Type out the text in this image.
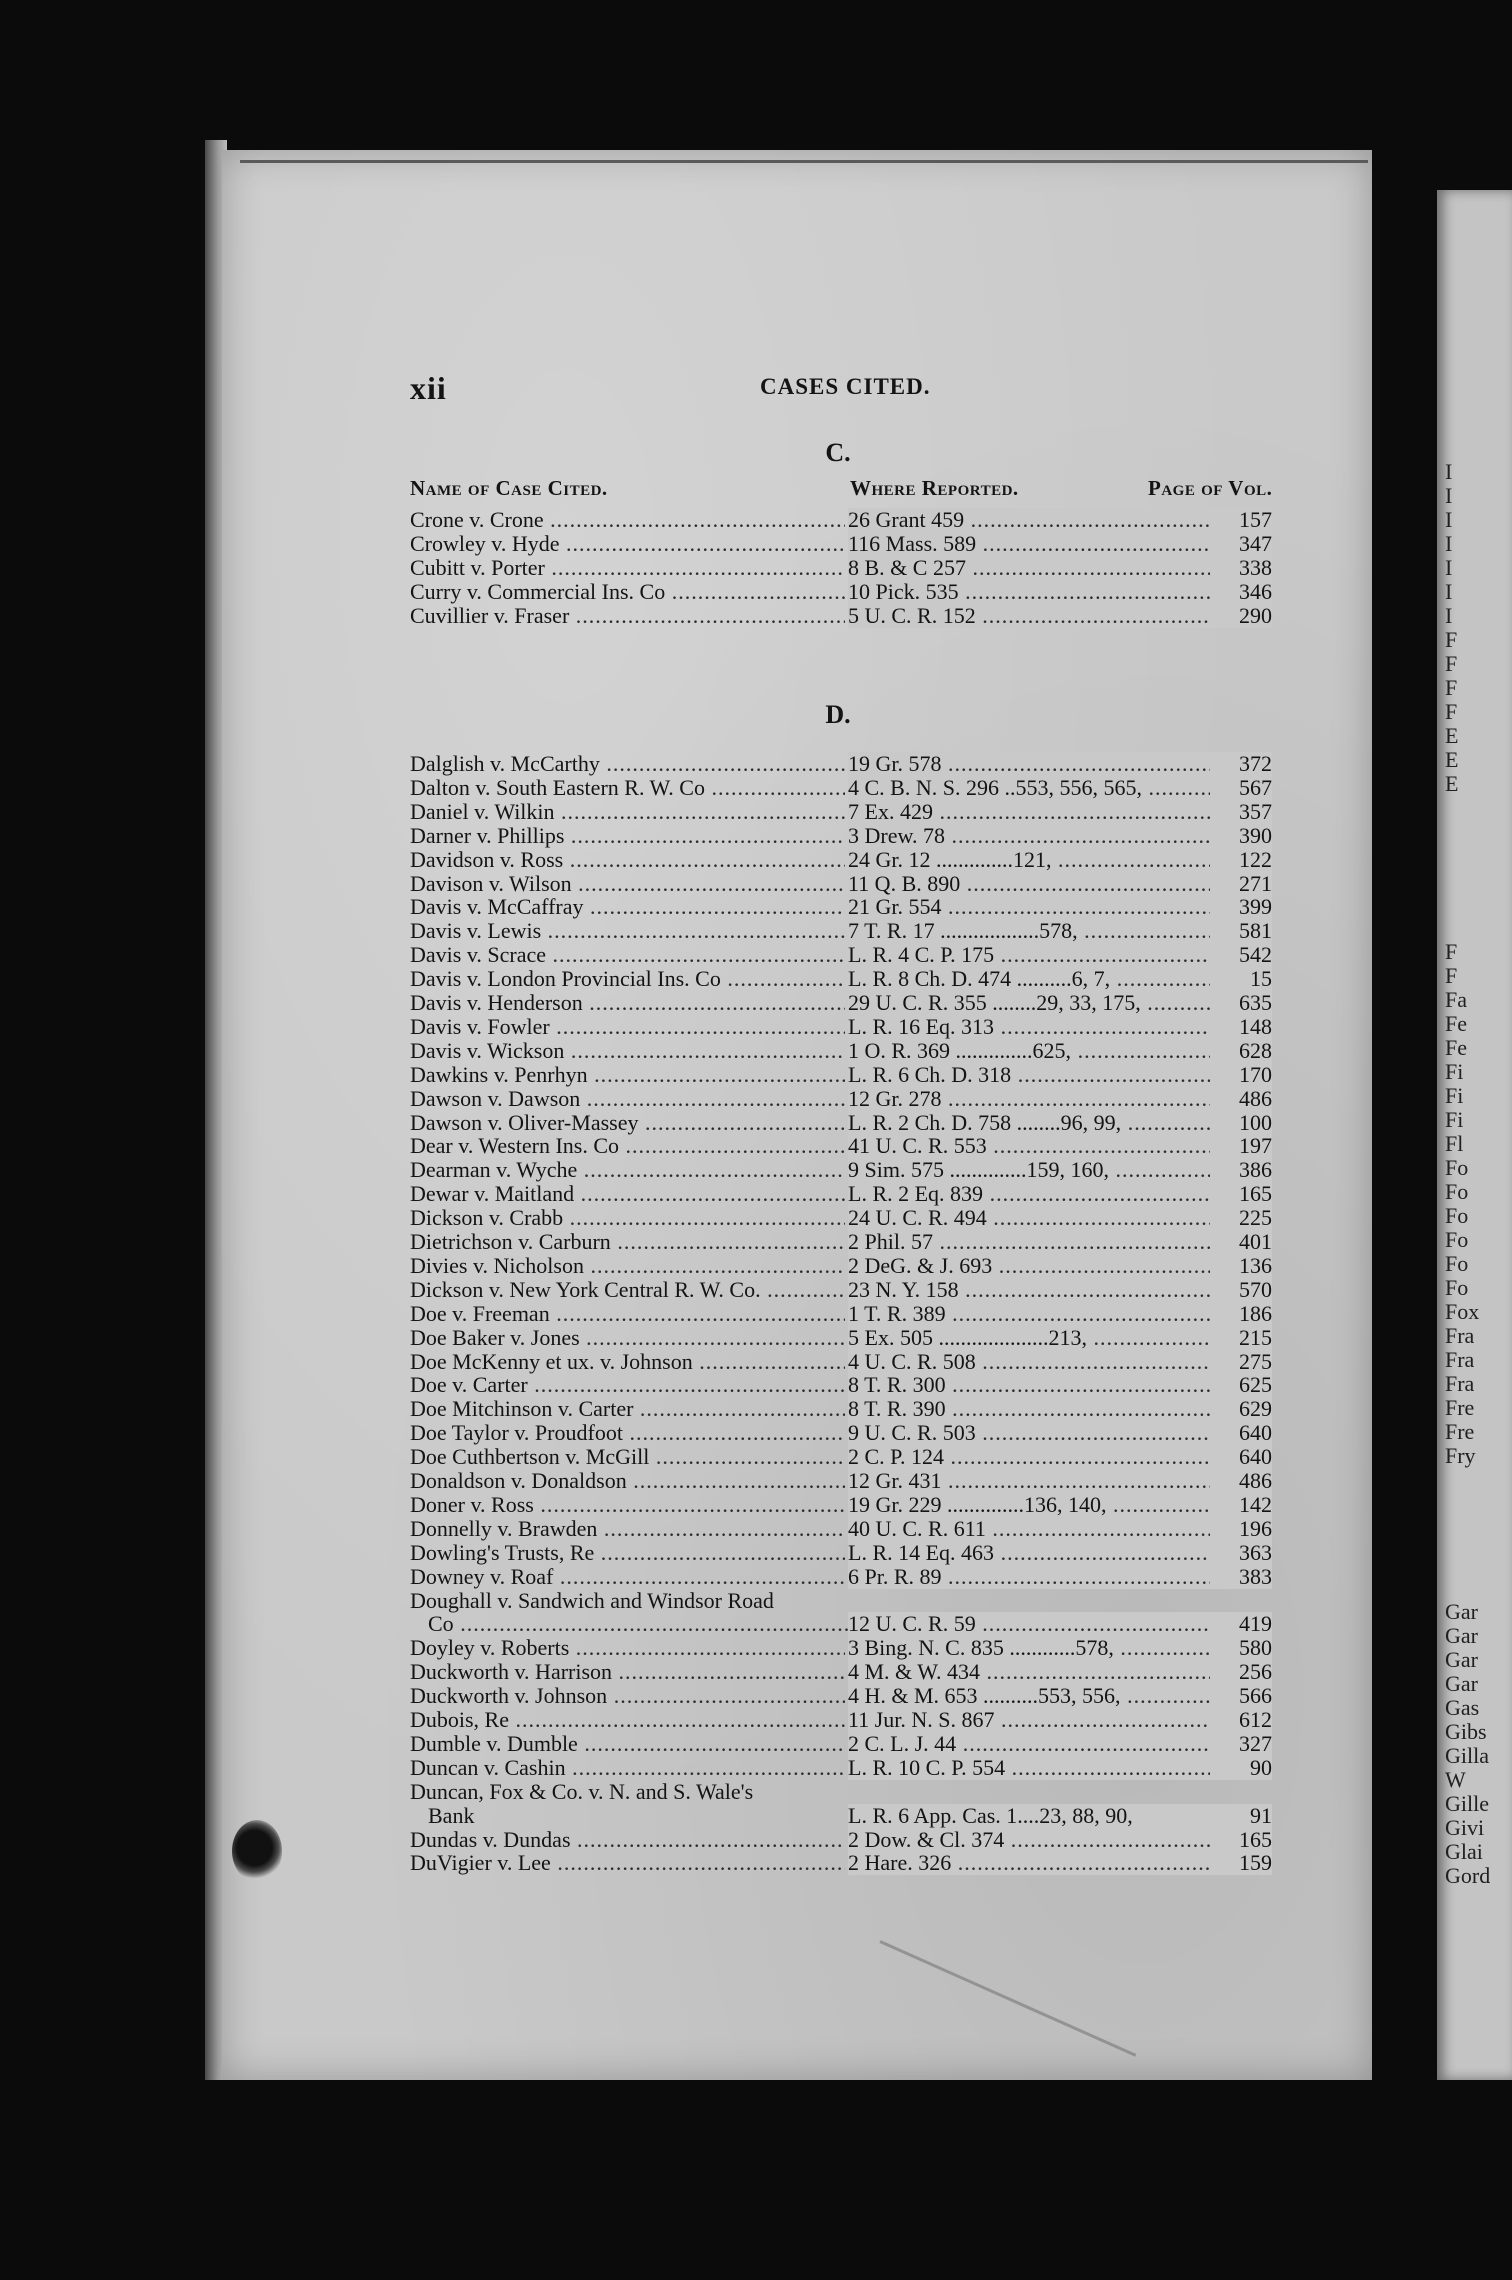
I
I
I
I
I
I
I
F
F
F
F
E
E
E
F
F
Fa
Fe
Fe
Fi
Fi
Fi
Fl
Fo
Fo
Fo
Fo
Fo
Fo
Fox
Fra
Fra
Fra
Fre
Fre
Fry
Gar
Gar
Gar
Gar
Gas
Gibs
Gilla
W
Gille
Givi
Glai
Gord
xii	CASES CITED.
C.
Name of Case Cited.	Where Reported.	Page of Vol.
Crone v. Crone .....	26 Grant 459 .....	157
Crowley v. Hyde .....	116 Mass. 589 .....	347
Cubitt v. Porter .....	8 B. & C 257 .....	338
Curry v. Commercial Ins. Co .....	10 Pick. 535 .....	346
Cuvillier v. Fraser .....	5 U. C. R. 152 .....	290
D.
Dalglish v. McCarthy .....	19 Gr. 578 .....	372
Dalton v. South Eastern R. W. Co .....	4 C. B. N. S. 296 ..553, 556, 565, .....	567
Daniel v. Wilkin .....	7 Ex. 429 .....	357
Darner v. Phillips .....	3 Drew. 78 .....	390
Davidson v. Ross .....	24 Gr. 12 ..............121, .....	122
Davison v. Wilson .....	11 Q. B. 890 .....	271
Davis v. McCaffray .....	21 Gr. 554 .....	399
Davis v. Lewis .....	7 T. R. 17 ..................578, .....	581
Davis v. Scrace .....	L. R. 4 C. P. 175 .....	542
Davis v. London Provincial Ins. Co .....	L. R. 8 Ch. D. 474 ..........6, 7, .....	15
Davis v. Henderson .....	29 U. C. R. 355 ........29, 33, 175, .....	635
Davis v. Fowler .....	L. R. 16 Eq. 313 .....	148
Davis v. Wickson .....	1 O. R. 369 ..............625, .....	628
Dawkins v. Penrhyn .....	L. R. 6 Ch. D. 318 .....	170
Dawson v. Dawson .....	12 Gr. 278 .....	486
Dawson v. Oliver-Massey .....	L. R. 2 Ch. D. 758 ........96, 99, .....	100
Dear v. Western Ins. Co .....	41 U. C. R. 553 .....	197
Dearman v. Wyche .....	9 Sim. 575 ..............159, 160, .....	386
Dewar v. Maitland .....	L. R. 2 Eq. 839 .....	165
Dickson v. Crabb .....	24 U. C. R. 494 .....	225
Dietrichson v. Carburn .....	2 Phil. 57 .....	401
Divies v. Nicholson .....	2 DeG. & J. 693 .....	136
Dickson v. New York Central R. W. Co. .....	23 N. Y. 158 .....	570
Doe v. Freeman .....	1 T. R. 389 .....	186
Doe Baker v. Jones .....	5 Ex. 505 ....................213, .....	215
Doe McKenny et ux. v. Johnson .....	4 U. C. R. 508 .....	275
Doe v. Carter .....	8 T. R. 300 .....	625
Doe Mitchinson v. Carter .....	8 T. R. 390 .....	629
Doe Taylor v. Proudfoot .....	9 U. C. R. 503 .....	640
Doe Cuthbertson v. McGill .....	2 C. P. 124 .....	640
Donaldson v. Donaldson .....	12 Gr. 431 .....	486
Doner v. Ross .....	19 Gr. 229 ..............136, 140, .....	142
Donnelly v. Brawden .....	40 U. C. R. 611 .....	196
Dowling's Trusts, Re .....	L. R. 14 Eq. 463 .....	363
Downey v. Roaf .....	6 Pr. R. 89 .....	383
Doughall v. Sandwich and Windsor Road
Co .....	12 U. C. R. 59 .....	419
Doyley v. Roberts .....	3 Bing. N. C. 835 ............578, .....	580
Duckworth v. Harrison .....	4 M. & W. 434 .....	256
Duckworth v. Johnson .....	4 H. & M. 653 ..........553, 556, .....	566
Dubois, Re .....	11 Jur. N. S. 867 .....	612
Dumble v. Dumble .....	2 C. L. J. 44 .....	327
Duncan v. Cashin .....	L. R. 10 C. P. 554 .....	90
Duncan, Fox & Co. v. N. and S. Wale's
Bank	L. R. 6 App. Cas. 1....23, 88, 90,	91
Dundas v. Dundas .....	2 Dow. & Cl. 374 .....	165
DuVigier v. Lee .....	2 Hare. 326 .....	159
